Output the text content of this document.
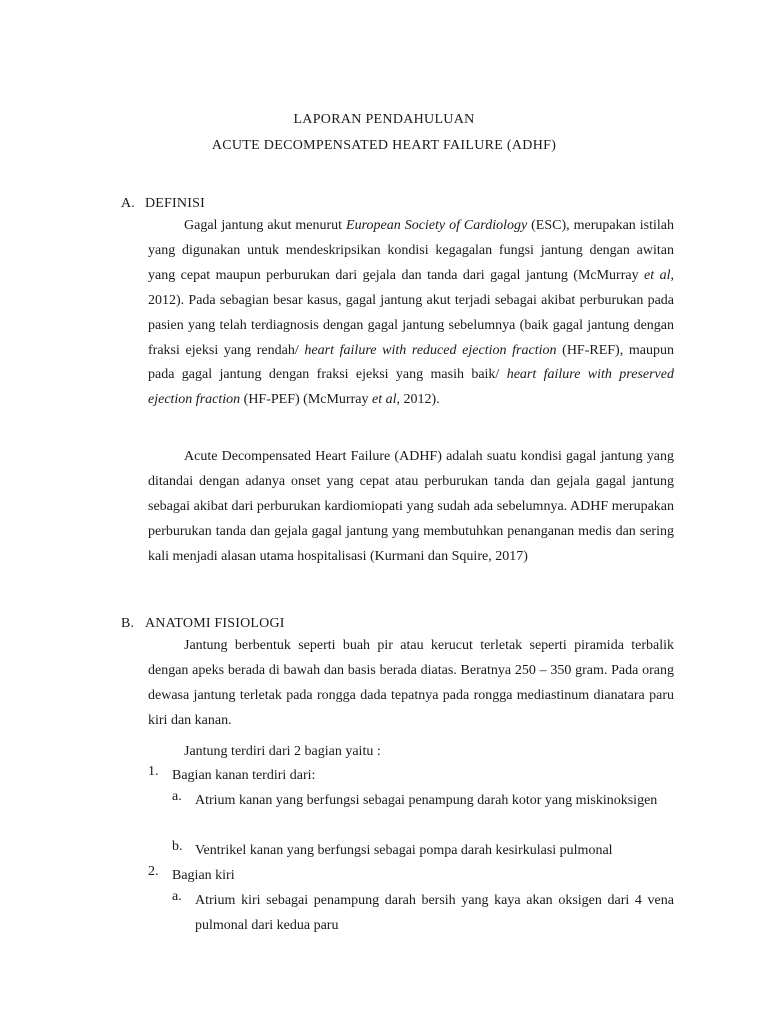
LAPORAN PENDAHULUAN
ACUTE DECOMPENSATED HEART FAILURE (ADHF)
A. DEFINISI

Gagal jantung akut menurut European Society of Cardiology (ESC), merupakan istilah yang digunakan untuk mendeskripsikan kondisi kegagalan fungsi jantung dengan awitan yang cepat maupun perburukan dari gejala dan tanda dari gagal jantung (McMurray et al, 2012). Pada sebagian besar kasus, gagal jantung akut terjadi sebagai akibat perburukan pada pasien yang telah terdiagnosis dengan gagal jantung sebelumnya (baik gagal jantung dengan fraksi ejeksi yang rendah/ heart failure with reduced ejection fraction (HF-REF), maupun pada gagal jantung dengan fraksi ejeksi yang masih baik/ heart failure with preserved ejection fraction (HF-PEF) (McMurray et al, 2012).

Acute Decompensated Heart Failure (ADHF) adalah suatu kondisi gagal jantung yang ditandai dengan adanya onset yang cepat atau perburukan tanda dan gejala gagal jantung sebagai akibat dari perburukan kardiomiopati yang sudah ada sebelumnya. ADHF merupakan perburukan tanda dan gejala gagal jantung yang membutuhkan penanganan medis dan sering kali menjadi alasan utama hospitalisasi (Kurmani dan Squire, 2017)

B. ANATOMI FISIOLOGI

Jantung berbentuk seperti buah pir atau kerucut terletak seperti piramida terbalik dengan apeks berada di bawah dan basis berada diatas. Beratnya 250 – 350 gram. Pada orang dewasa jantung terletak pada rongga dada tepatnya pada rongga mediastinum dianatara paru kiri dan kanan.

Jantung terdiri dari 2 bagian yaitu :

1. Bagian kanan terdiri dari:
a. Atrium kanan yang berfungsi sebagai penampung darah kotor yang miskinoksigen
b. Ventrikel kanan yang berfungsi sebagai pompa darah kesirkulasi pulmonal
2. Bagian kiri
a. Atrium kiri sebagai penampung darah bersih yang kaya akan oksigen dari 4 vena pulmonal dari kedua paru
